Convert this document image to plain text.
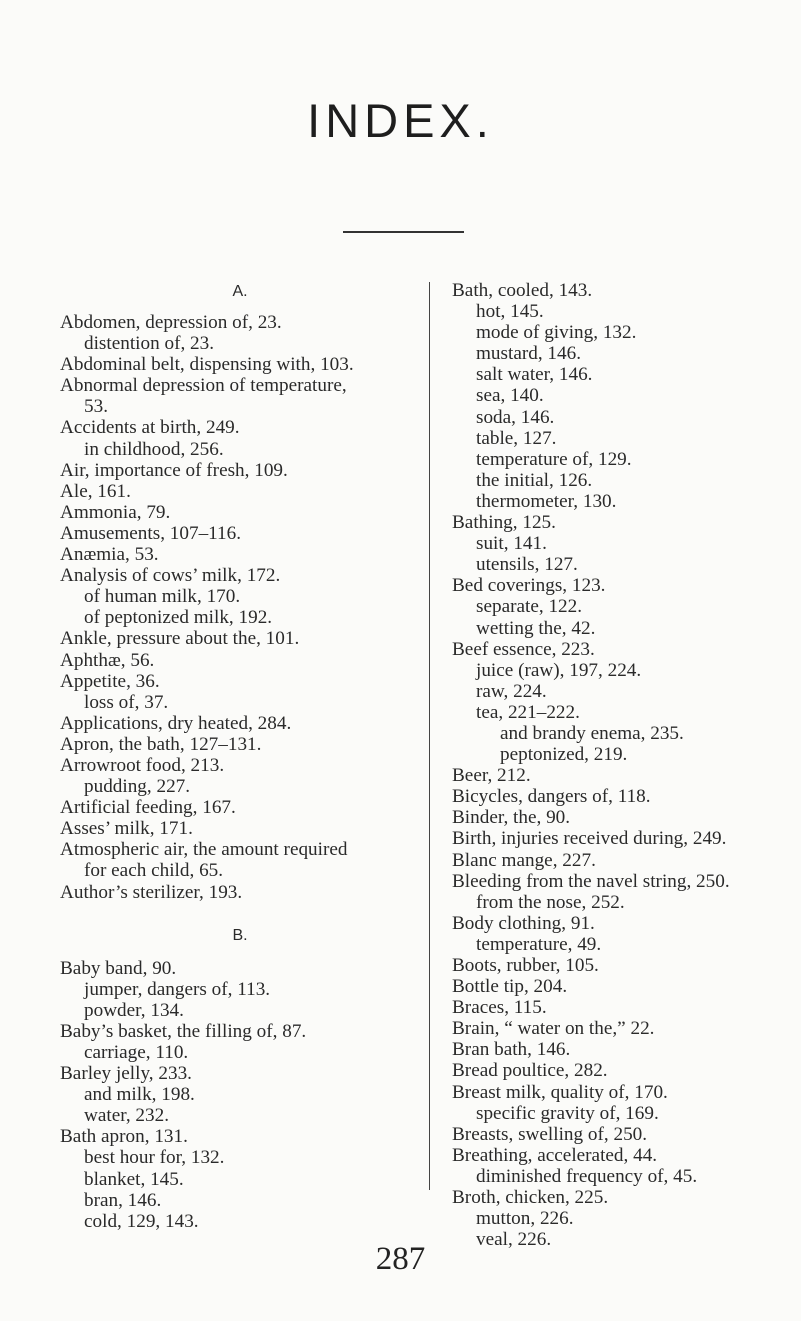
INDEX.
A.
Abdomen, depression of, 23.
distention of, 23.
Abdominal belt, dispensing with, 103.
Abnormal depression of temperature,
53.
Accidents at birth, 249.
in childhood, 256.
Air, importance of fresh, 109.
Ale, 161.
Ammonia, 79.
Amusements, 107–116.
Anæmia, 53.
Analysis of cows’ milk, 172.
of human milk, 170.
of peptonized milk, 192.
Ankle, pressure about the, 101.
Aphthæ, 56.
Appetite, 36.
loss of, 37.
Applications, dry heated, 284.
Apron, the bath, 127–131.
Arrowroot food, 213.
pudding, 227.
Artificial feeding, 167.
Asses’ milk, 171.
Atmospheric air, the amount required
for each child, 65.
Author’s sterilizer, 193.
B.
Baby band, 90.
jumper, dangers of, 113.
powder, 134.
Baby’s basket, the filling of, 87.
carriage, 110.
Barley jelly, 233.
and milk, 198.
water, 232.
Bath apron, 131.
best hour for, 132.
blanket, 145.
bran, 146.
cold, 129, 143.
Bath, cooled, 143.
hot, 145.
mode of giving, 132.
mustard, 146.
salt water, 146.
sea, 140.
soda, 146.
table, 127.
temperature of, 129.
the initial, 126.
thermometer, 130.
Bathing, 125.
suit, 141.
utensils, 127.
Bed coverings, 123.
separate, 122.
wetting the, 42.
Beef essence, 223.
juice (raw), 197, 224.
raw, 224.
tea, 221–222.
and brandy enema, 235.
peptonized, 219.
Beer, 212.
Bicycles, dangers of, 118.
Binder, the, 90.
Birth, injuries received during, 249.
Blanc mange, 227.
Bleeding from the navel string, 250.
from the nose, 252.
Body clothing, 91.
temperature, 49.
Boots, rubber, 105.
Bottle tip, 204.
Braces, 115.
Brain, “ water on the,” 22.
Bran bath, 146.
Bread poultice, 282.
Breast milk, quality of, 170.
specific gravity of, 169.
Breasts, swelling of, 250.
Breathing, accelerated, 44.
diminished frequency of, 45.
Broth, chicken, 225.
mutton, 226.
veal, 226.
287
